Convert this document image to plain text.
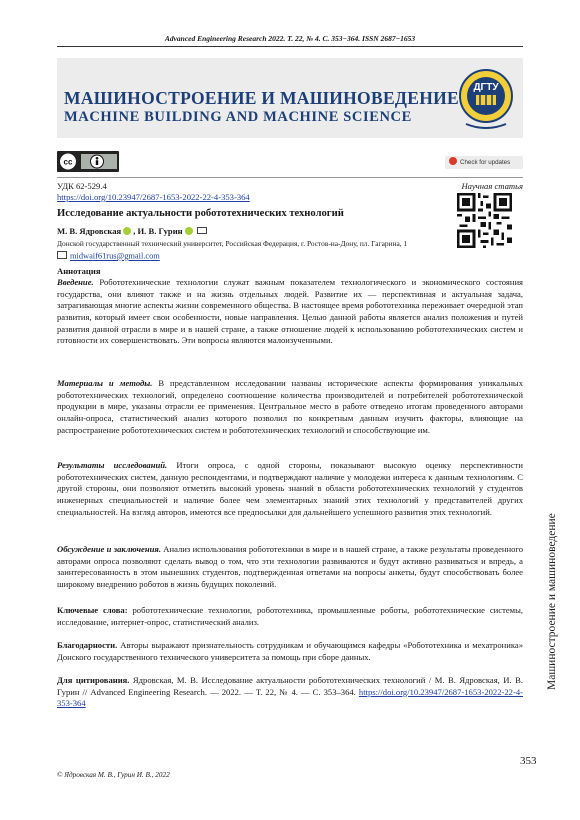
Advanced Engineering Research 2022. Т. 22, № 4. С. 353−364. ISSN 2687−1653
МАШИНОСТРОЕНИЕ И МАШИНОВЕДЕНИЕ
MACHINE BUILDING AND MACHINE SCIENCE
ДГТУ
cc	Check for updates
УДК 62-529.4
https://doi.org/10.23947/2687-1653-2022-22-4-353-364
Научная статья
Исследование актуальности робототехнических технологий
М. В. Ядровская , И. В. Гурин
Донской государственный технический университет, Российская Федерация, г. Ростов-на-Дону, пл. Гагарина, 1
midwaif61rus@gmail.com
Аннотация
Введение. Робототехнические технологии служат важным показателем технологического и экономического состояния государства, они влияют также и на жизнь отдельных людей. Развитие их — перспективная и актуальная задача, затрагивающая многие аспекты жизни современного общества. В настоящее время робототехника переживает очередной этап развития, который имеет свои особенности, новые направления. Целью данной работы является анализ положения и путей развития данной отрасли в мире и в нашей стране, а также отношение людей к использованию робототехнических систем и готовности их совершенствовать. Эти вопросы являются малоизученными.
Материалы и методы. В представленном исследовании названы исторические аспекты формирования уникальных робототехнических технологий, определено соотношение количества производителей и потребителей робототехнической продукции в мире, указаны отрасли ее применения. Центральное место в работе отведено итогам проведенного авторами онлайн-опроса, статистический анализ которого позволил по конкретным данным изучить факторы, влияющие на распространение робототехнических систем и робототехнических технологий и способствующие им.
Результаты исследований. Итоги опроса, с одной стороны, показывают высокую оценку перспективности робототехнических систем, данную респондентами, и подтверждают наличие у молодежи интереса к данным технологиям. С другой стороны, они позволяют отметить высокий уровень знаний в области робототехнических технологий у студентов инженерных специальностей и наличие более чем элементарных знаний этих технологий у представителей других специальностей. На взгляд авторов, имеются все предпосылки для дальнейшего успешного развития этих технологий.
Обсуждение и заключения. Анализ использования робототехники в мире и в нашей стране, а также результаты проведенного авторами опроса позволяют сделать вывод о том, что эти технологии развиваются и будут активно развиваться и впредь, а заинтересованность в этом нынешних студентов, подтвержденная ответами на вопросы анкеты, будут способствовать более широкому внедрению роботов в жизнь будущих поколений.
Ключевые слова: робототехнические технологии, робототехника, промышленные роботы, робототехнические системы, исследование, интернет-опрос, статистический анализ.
Благодарности. Авторы выражают признательность сотрудникам и обучающимся кафедры «Робототехника и мехатроника» Донского государственного технического университета за помощь при сборе данных.
Для цитирования. Ядровская, М. В. Исследование актуальности робототехнических технологий / М. В. Ядровская, И. В. Гурин // Advanced Engineering Research. — 2022. — Т. 22, № 4. — С. 353–364. https://doi.org/10.23947/2687-1653-2022-22-4-353-364
Машиностроение и машиноведение
353
© Ядровская М. В., Гурин И. В., 2022
